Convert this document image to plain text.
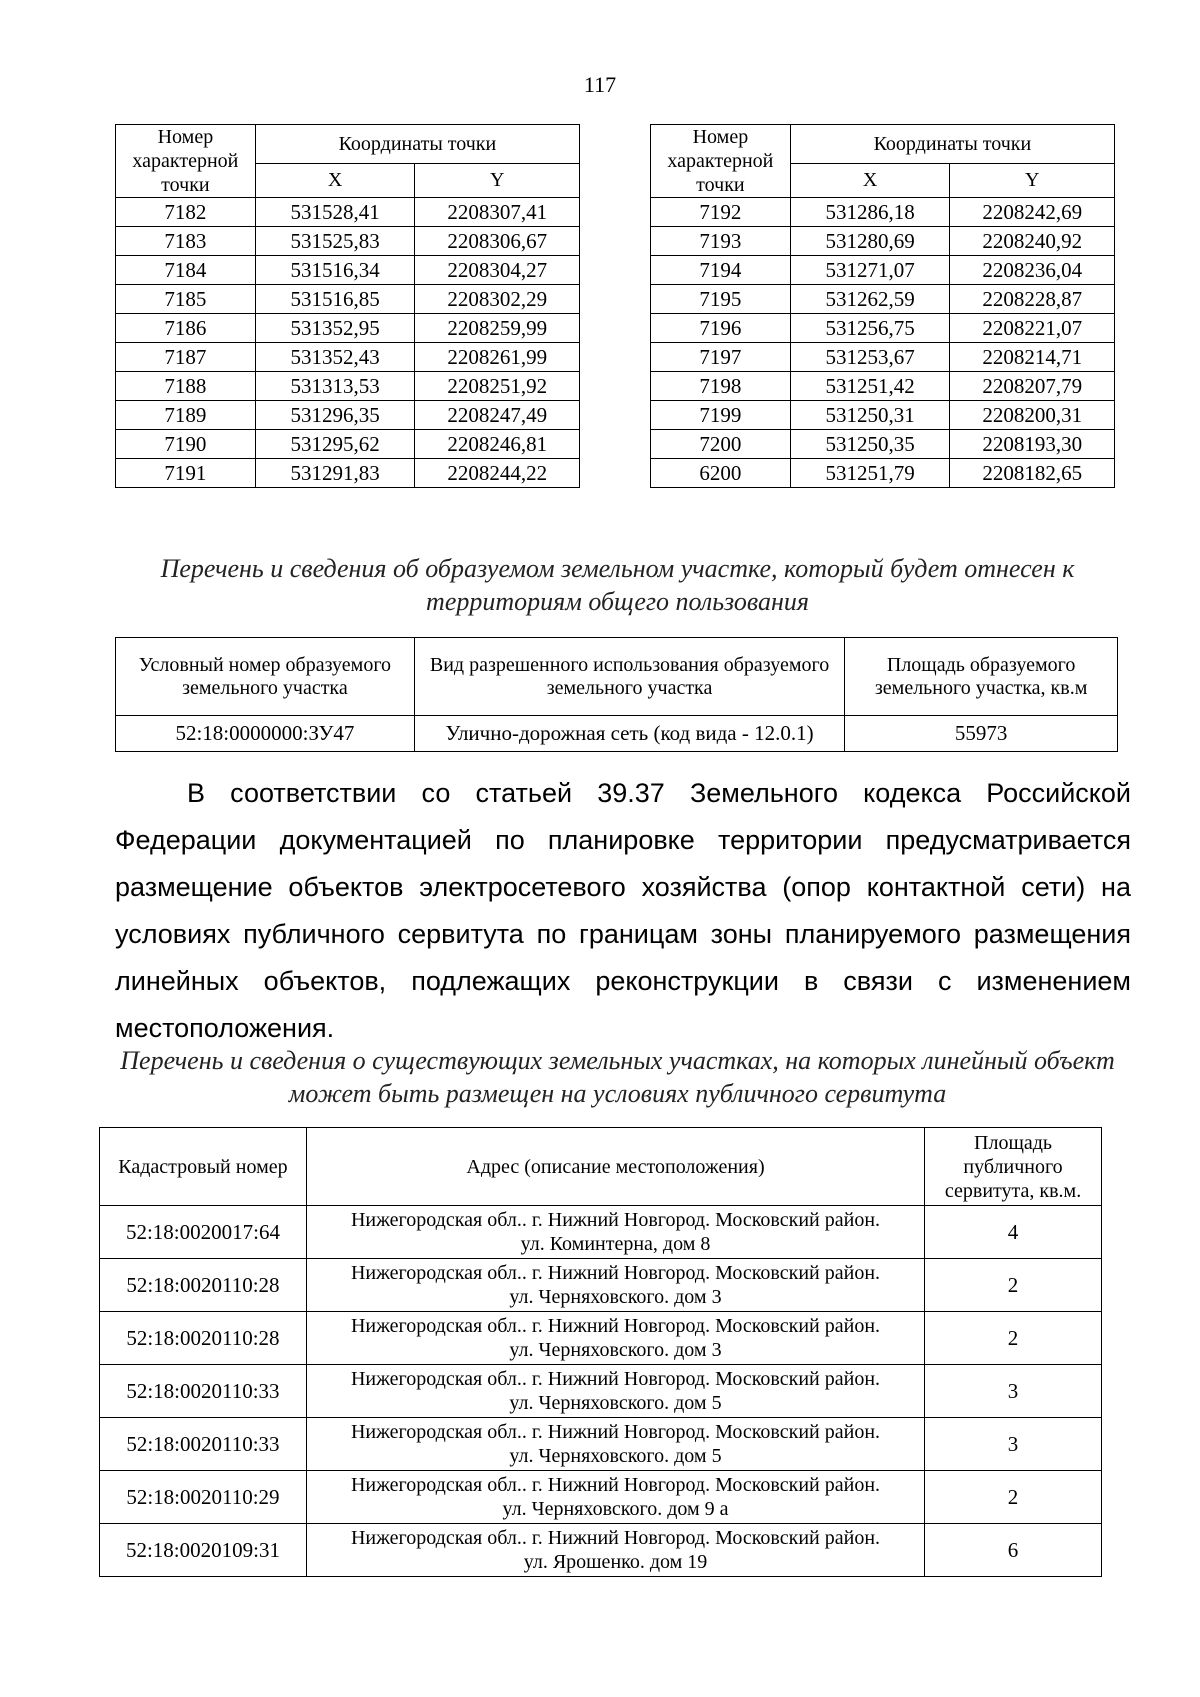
117
Номер характерной точки	Координаты точки	
	X	Y
7182	531528,41	2208307,41
7183	531525,83	2208306,67
7184	531516,34	2208304,27
7185	531516,85	2208302,29
7186	531352,95	2208259,99
7187	531352,43	2208261,99
7188	531313,53	2208251,92
7189	531296,35	2208247,49
7190	531295,62	2208246,81
7191	531291,83	2208244,22
Номер характерной точки	Координаты точки	
	X	Y
7192	531286,18	2208242,69
7193	531280,69	2208240,92
7194	531271,07	2208236,04
7195	531262,59	2208228,87
7196	531256,75	2208221,07
7197	531253,67	2208214,71
7198	531251,42	2208207,79
7199	531250,31	2208200,31
7200	531250,35	2208193,30
6200	531251,79	2208182,65
Перечень и сведения об образуемом земельном участке, который будет отнесен к территориям общего пользования
Условный номер образуемого земельного участка	Вид разрешенного использования образуемого земельного участка	Площадь образуемого земельного участка, кв.м
52:18:0000000:ЗУ47	Улично-дорожная сеть (код вида - 12.0.1)	55973

В соответствии со статьей 39.37 Земельного кодекса Российской Федерации документацией по планировке территории предусматривается размещение объектов электросетевого хозяйства (опор контактной сети) на условиях публичного сервитута по границам зоны планируемого размещения линейных объектов, подлежащих реконструкции в связи с изменением местоположения.

Перечень и сведения о существующих земельных участках, на которых линейный объект может быть размещен на условиях публичного сервитута
Кадастровый номер	Адрес (описание местоположения)	Площадь публичного сервитута, кв.м.
52:18:0020017:64	Нижегородская обл.. г. Нижний Новгород. Московский район.
ул. Коминтерна, дом 8	4
52:18:0020110:28	Нижегородская обл.. г. Нижний Новгород. Московский район.
ул. Черняховского. дом 3	2
52:18:0020110:28	Нижегородская обл.. г. Нижний Новгород. Московский район.
ул. Черняховского. дом 3	2
52:18:0020110:33	Нижегородская обл.. г. Нижний Новгород. Московский район.
ул. Черняховского. дом 5	3
52:18:0020110:33	Нижегородская обл.. г. Нижний Новгород. Московский район.
ул. Черняховского. дом 5	3
52:18:0020110:29	Нижегородская обл.. г. Нижний Новгород. Московский район.
ул. Черняховского. дом 9 а	2
52:18:0020109:31	Нижегородская обл.. г. Нижний Новгород. Московский район.
ул. Ярошенко. дом 19	6
